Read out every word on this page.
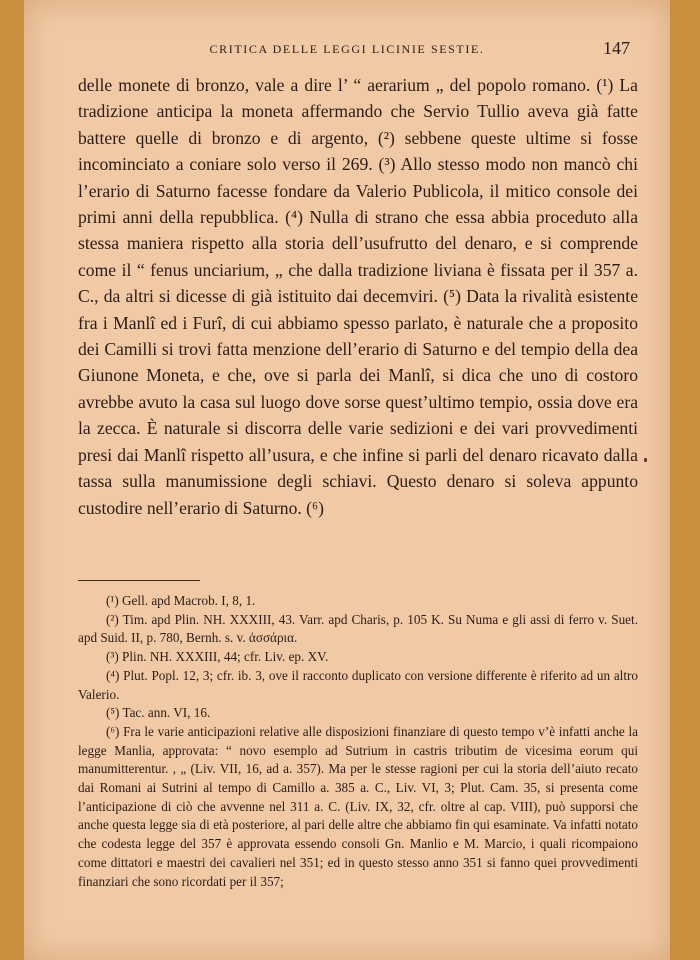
CRITICA DELLE LEGGI LICINIE SESTIE.	147

delle monete di bronzo, vale a dire l’ “ aerarium „ del popolo romano. (¹) La tradizione anticipa la moneta affermando che Servio Tullio aveva già fatte battere quelle di bronzo e di argento, (²) sebbene queste ultime si fosse incominciato a coniare solo verso il 269. (³) Allo stesso modo non mancò chi l’erario di Saturno facesse fondare da Valerio Publicola, il mitico console dei primi anni della repubblica. (⁴) Nulla di strano che essa abbia proceduto alla stessa maniera rispetto alla storia dell’usufrutto del denaro, e si comprende come il “ fenus unciarium, „ che dalla tradizione liviana è fissata per il 357 a. C., da altri si dicesse di già istituito dai decemviri. (⁵) Data la rivalità esistente fra i Manlî ed i Furî, di cui abbiamo spesso parlato, è naturale che a proposito dei Camilli si trovi fatta menzione dell’erario di Saturno e del tempio della dea Giunone Moneta, e che, ove si parla dei Manlî, si dica che uno di costoro avrebbe avuto la casa sul luogo dove sorse quest’ultimo tempio, ossia dove era la zecca. È naturale si discorra delle varie sedizioni e dei vari provvedimenti presi dai Manlî rispetto all’usura, e che infine si parli del denaro ricavato dalla tassa sulla manumissione degli schiavi. Questo denaro si soleva appunto custodire nell’erario di Saturno. (⁶)

(¹) Gell. apd Macrob. I, 8, 1.

(²) Tim. apd Plin. NH. XXXIII, 43. Varr. apd Charis, p. 105 K. Su Numa e gli assi di ferro v. Suet. apd Suid. II, p. 780, Bernh. s. v. ἀσσάρια.

(³) Plin. NH. XXXIII, 44; cfr. Liv. ep. XV.

(⁴) Plut. Popl. 12, 3; cfr. ib. 3, ove il racconto duplicato con versione differente è riferito ad un altro Valerio.

(⁵) Tac. ann. VI, 16.

(⁶) Fra le varie anticipazioni relative alle disposizioni finanziare di questo tempo v’è infatti anche la legge Manlia, approvata: “ novo esemplo ad Sutrium in castris tributim de vicesima eorum qui manumitterentur. , „ (Liv. VII, 16, ad a. 357). Ma per le stesse ragioni per cui la storia dell’aiuto recato dai Romani ai Sutrini al tempo di Camillo a. 385 a. C., Liv. VI, 3; Plut. Cam. 35, si presenta come l’anticipazione di ciò che avvenne nel 311 a. C. (Liv. IX, 32, cfr. oltre al cap. VIII), può supporsi che anche questa legge sia di età posteriore, al pari delle altre che abbiamo fin qui esaminate. Va infatti notato che codesta legge del 357 è approvata essendo consoli Gn. Manlio e M. Marcio, i quali ricompaiono come dittatori e maestri dei cavalieri nel 351; ed in questo stesso anno 351 si fanno quei provvedimenti finanziari che sono ricordati per il 357;
